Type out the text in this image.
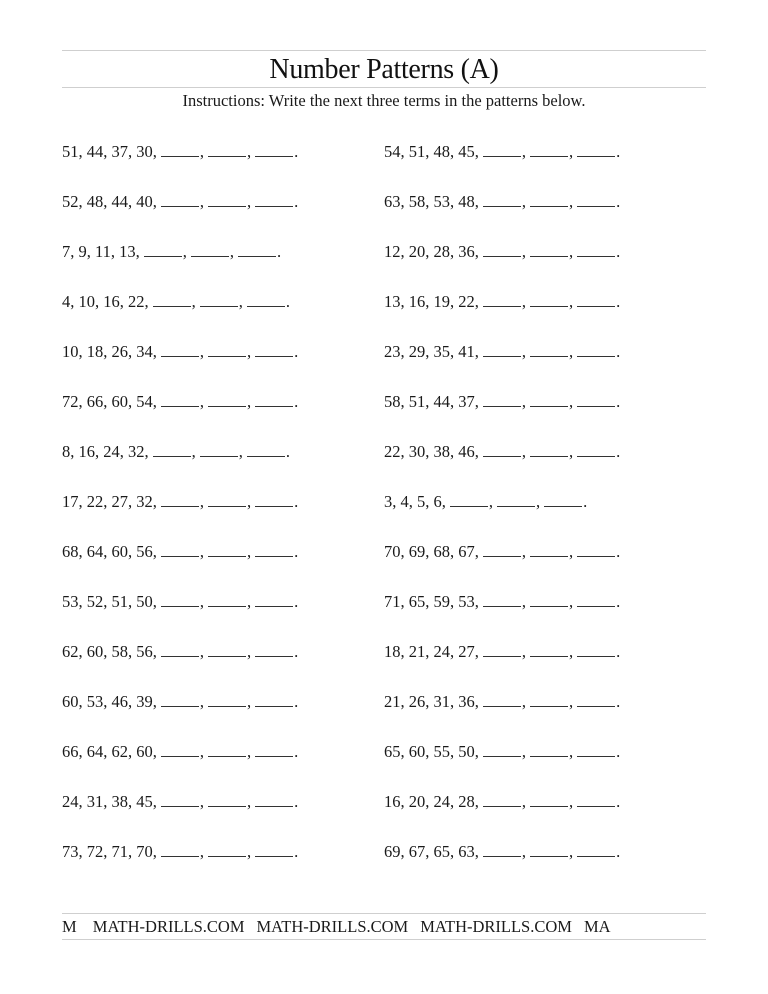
Number Patterns (A)
Instructions: Write the next three terms in the patterns below.
51, 44, 37, 30,	,	,	.	54, 51, 48, 45,	,	,	.
52, 48, 44, 40,	,	,	.	63, 58, 53, 48,	,	,	.
7, 9, 11, 13,	,	,	.	12, 20, 28, 36,	,	,	.
4, 10, 16, 22,	,	,	.	13, 16, 19, 22,	,	,	.
10, 18, 26, 34,	,	,	.	23, 29, 35, 41,	,	,	.
72, 66, 60, 54,	,	,	.	58, 51, 44, 37,	,	,	.
8, 16, 24, 32,	,	,	.	22, 30, 38, 46,	,	,	.
17, 22, 27, 32,	,	,	.	3, 4, 5, 6,	,	,	.
68, 64, 60, 56,	,	,	.	70, 69, 68, 67,	,	,	.
53, 52, 51, 50,	,	,	.	71, 65, 59, 53,	,	,	.
62, 60, 58, 56,	,	,	.	18, 21, 24, 27,	,	,	.
60, 53, 46, 39,	,	,	.	21, 26, 31, 36,	,	,	.
66, 64, 62, 60,	,	,	.	65, 60, 55, 50,	,	,	.
24, 31, 38, 45,	,	,	.	16, 20, 24, 28,	,	,	.
73, 72, 71, 70,	,	,	.	69, 67, 65, 63,	,	,	.
M MATH-DRILLS.COM MATH-DRILLS.COM MATH-DRILLS.COM MA
